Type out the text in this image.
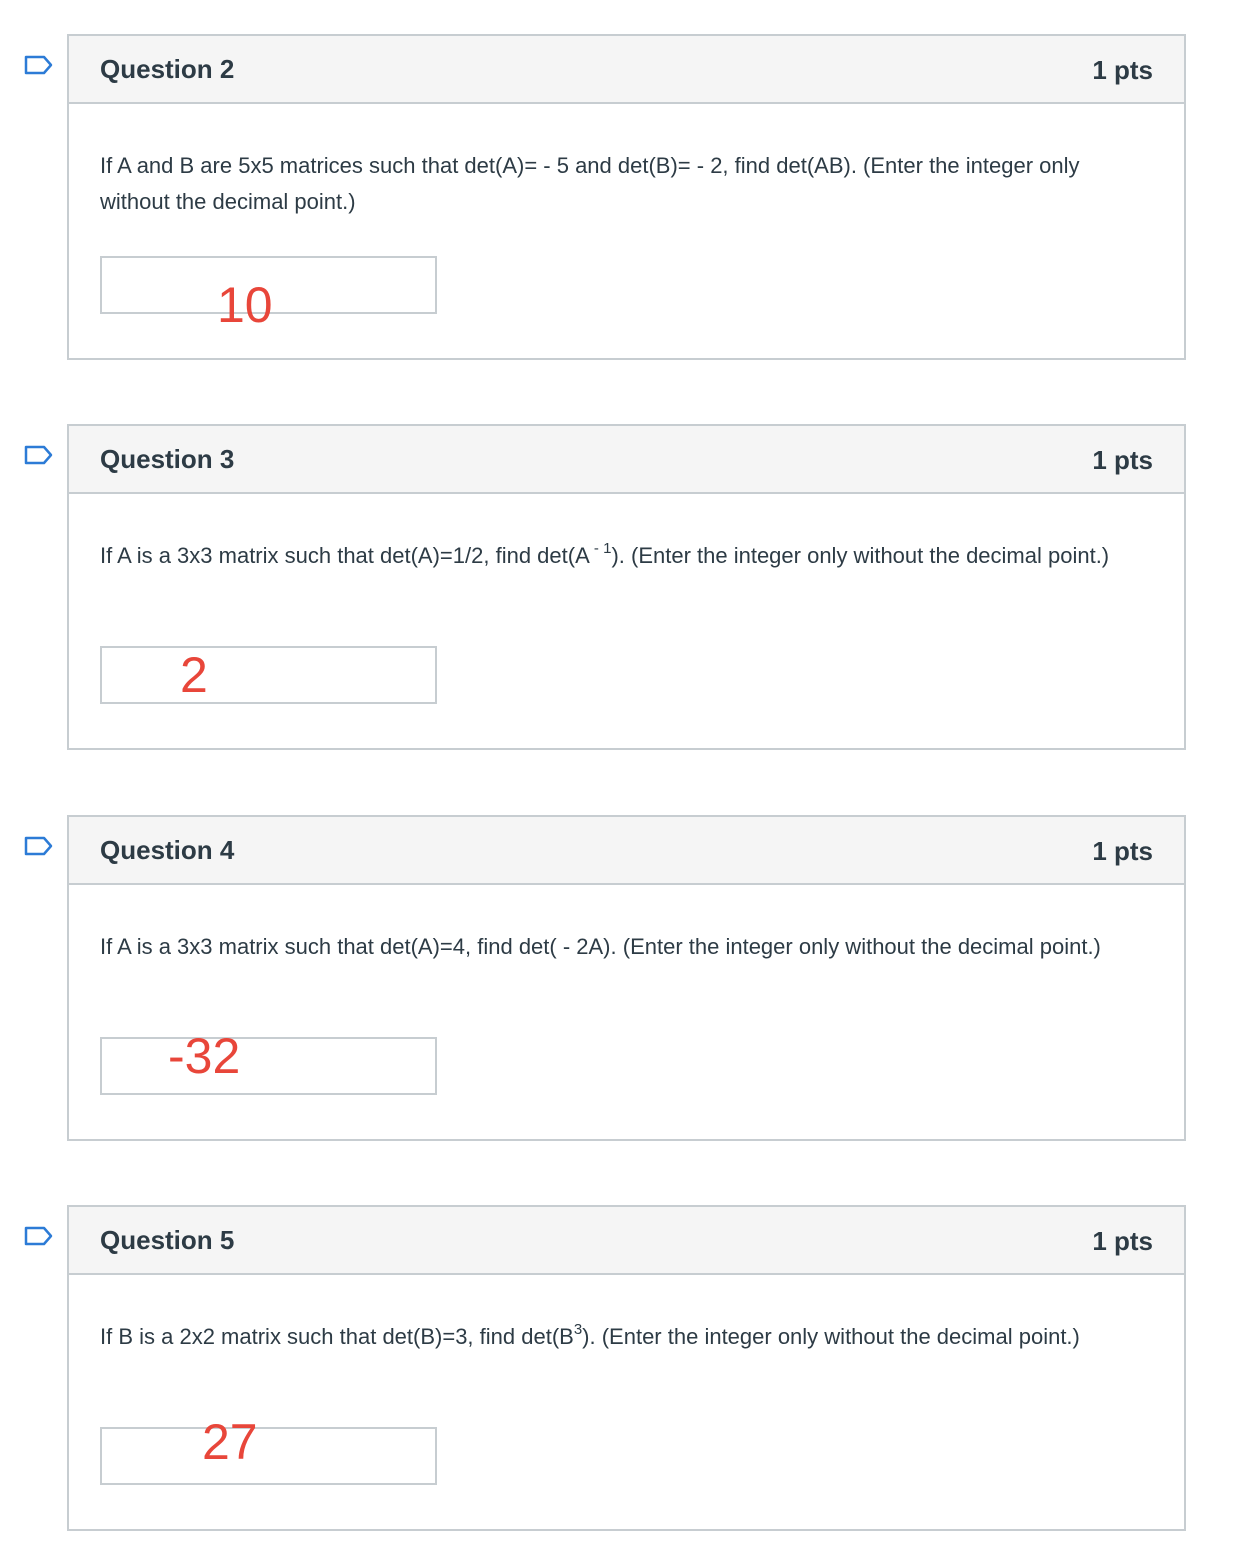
Question 2	1 pts
If A and B are 5x5 matrices such that det(A)= - 5 and det(B)= - 2, find det(AB). (Enter the integer only without the decimal point.)
10
Question 3	1 pts
If A is a 3x3 matrix such that det(A)=1/2, find det(A $^{- 1}$). (Enter the integer only without the decimal point.)
2
Question 4	1 pts
If A is a 3x3 matrix such that det(A)=4, find det( - 2A). (Enter the integer only without the decimal point.)
-32
Question 5	1 pts
If B is a 2x2 matrix such that det(B)=3, find $\det(B^3)$. (Enter the integer only without the decimal point.)
27
